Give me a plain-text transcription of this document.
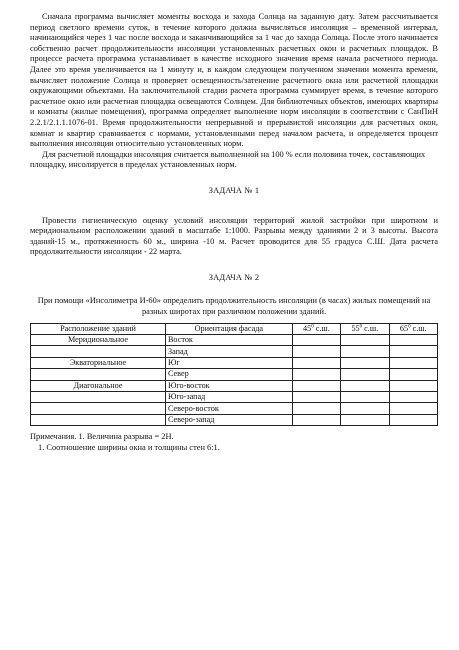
Сначала программа вычисляет моменты восхода и захода Солнца на заданную дату. Затем рассчитывается период светлого времени суток, в течение которого должна вычисляться инсоляция – временной интервал, начинающийся через 1 час после восхода и заканчивающийся за 1 час до захода Солнца. После этого начинается собственно расчет продолжительности инсоляции установленных расчетных окон и расчетных площадок. В процессе расчета программа устанавливает в качестве исходного значения время начала расчетного периода. Далее это время увеличивается на 1 минуту и, в каждом следующем полученном значении момента времени, вычисляет положение Солнца и проверяет освещенность/затенение расчетного окна или расчетной площадки окружающими объектами. На заключительной стадии расчета программа суммирует время, в течение которого расчетное окно или расчетная площадка освещаются Солнцем. Для библиотечных объектов, имеющих квартиры и комнаты (жилые помещения), программа определяет выполнение норм инсоляции в соответствии с СанПиН 2.2.1/2.1.1.1076-01. Время продолжительности непрерывной и прерывистой инсоляции для расчетных окон, комнат и квартир сравнивается с нормами, установленными перед началом расчета, и определяется процент выполнения инсоляции относительно установленных норм.

Для расчетной площадки инсоляция считается выполненной на 100 % если половина точек, составляющих площадку, инсолируется в пределах установленных норм.

ЗАДАЧА № 1

Провести гигиеническую оценку условий инсоляции территорий жилой застройки при широтном и меридиональном расположении зданий в масштабе 1:1000. Разрывы между зданиями 2 и 3 высоты. Высота зданий-15 м., протяженность 60 м., ширина -10 м. Расчет проводится для 55 градуса С.Ш. Дата расчета продолжительности инсоляции - 22 марта.

ЗАДАЧА № 2

При помощи «Инсолиметра И-60» определить продолжительность инсоляции (в часах) жилых помещений на разных широтах при различном положении зданий.

Расположение зданий	Ориентация фасада	$45^0$ с.ш.	$55^0$ с.ш.	$65^0$ с.ш.
Меридиональное	Восток			
	Запад			
Экваториальное	Юг			
	Север			
Диагональное	Юго-восток			
	Юго-запад			
	Северо-восток			
	Северо-запад			

Примечания. 1. Величина разрыва = 2Н.

1. Соотношение ширины окна и толщины стен 6:1.
